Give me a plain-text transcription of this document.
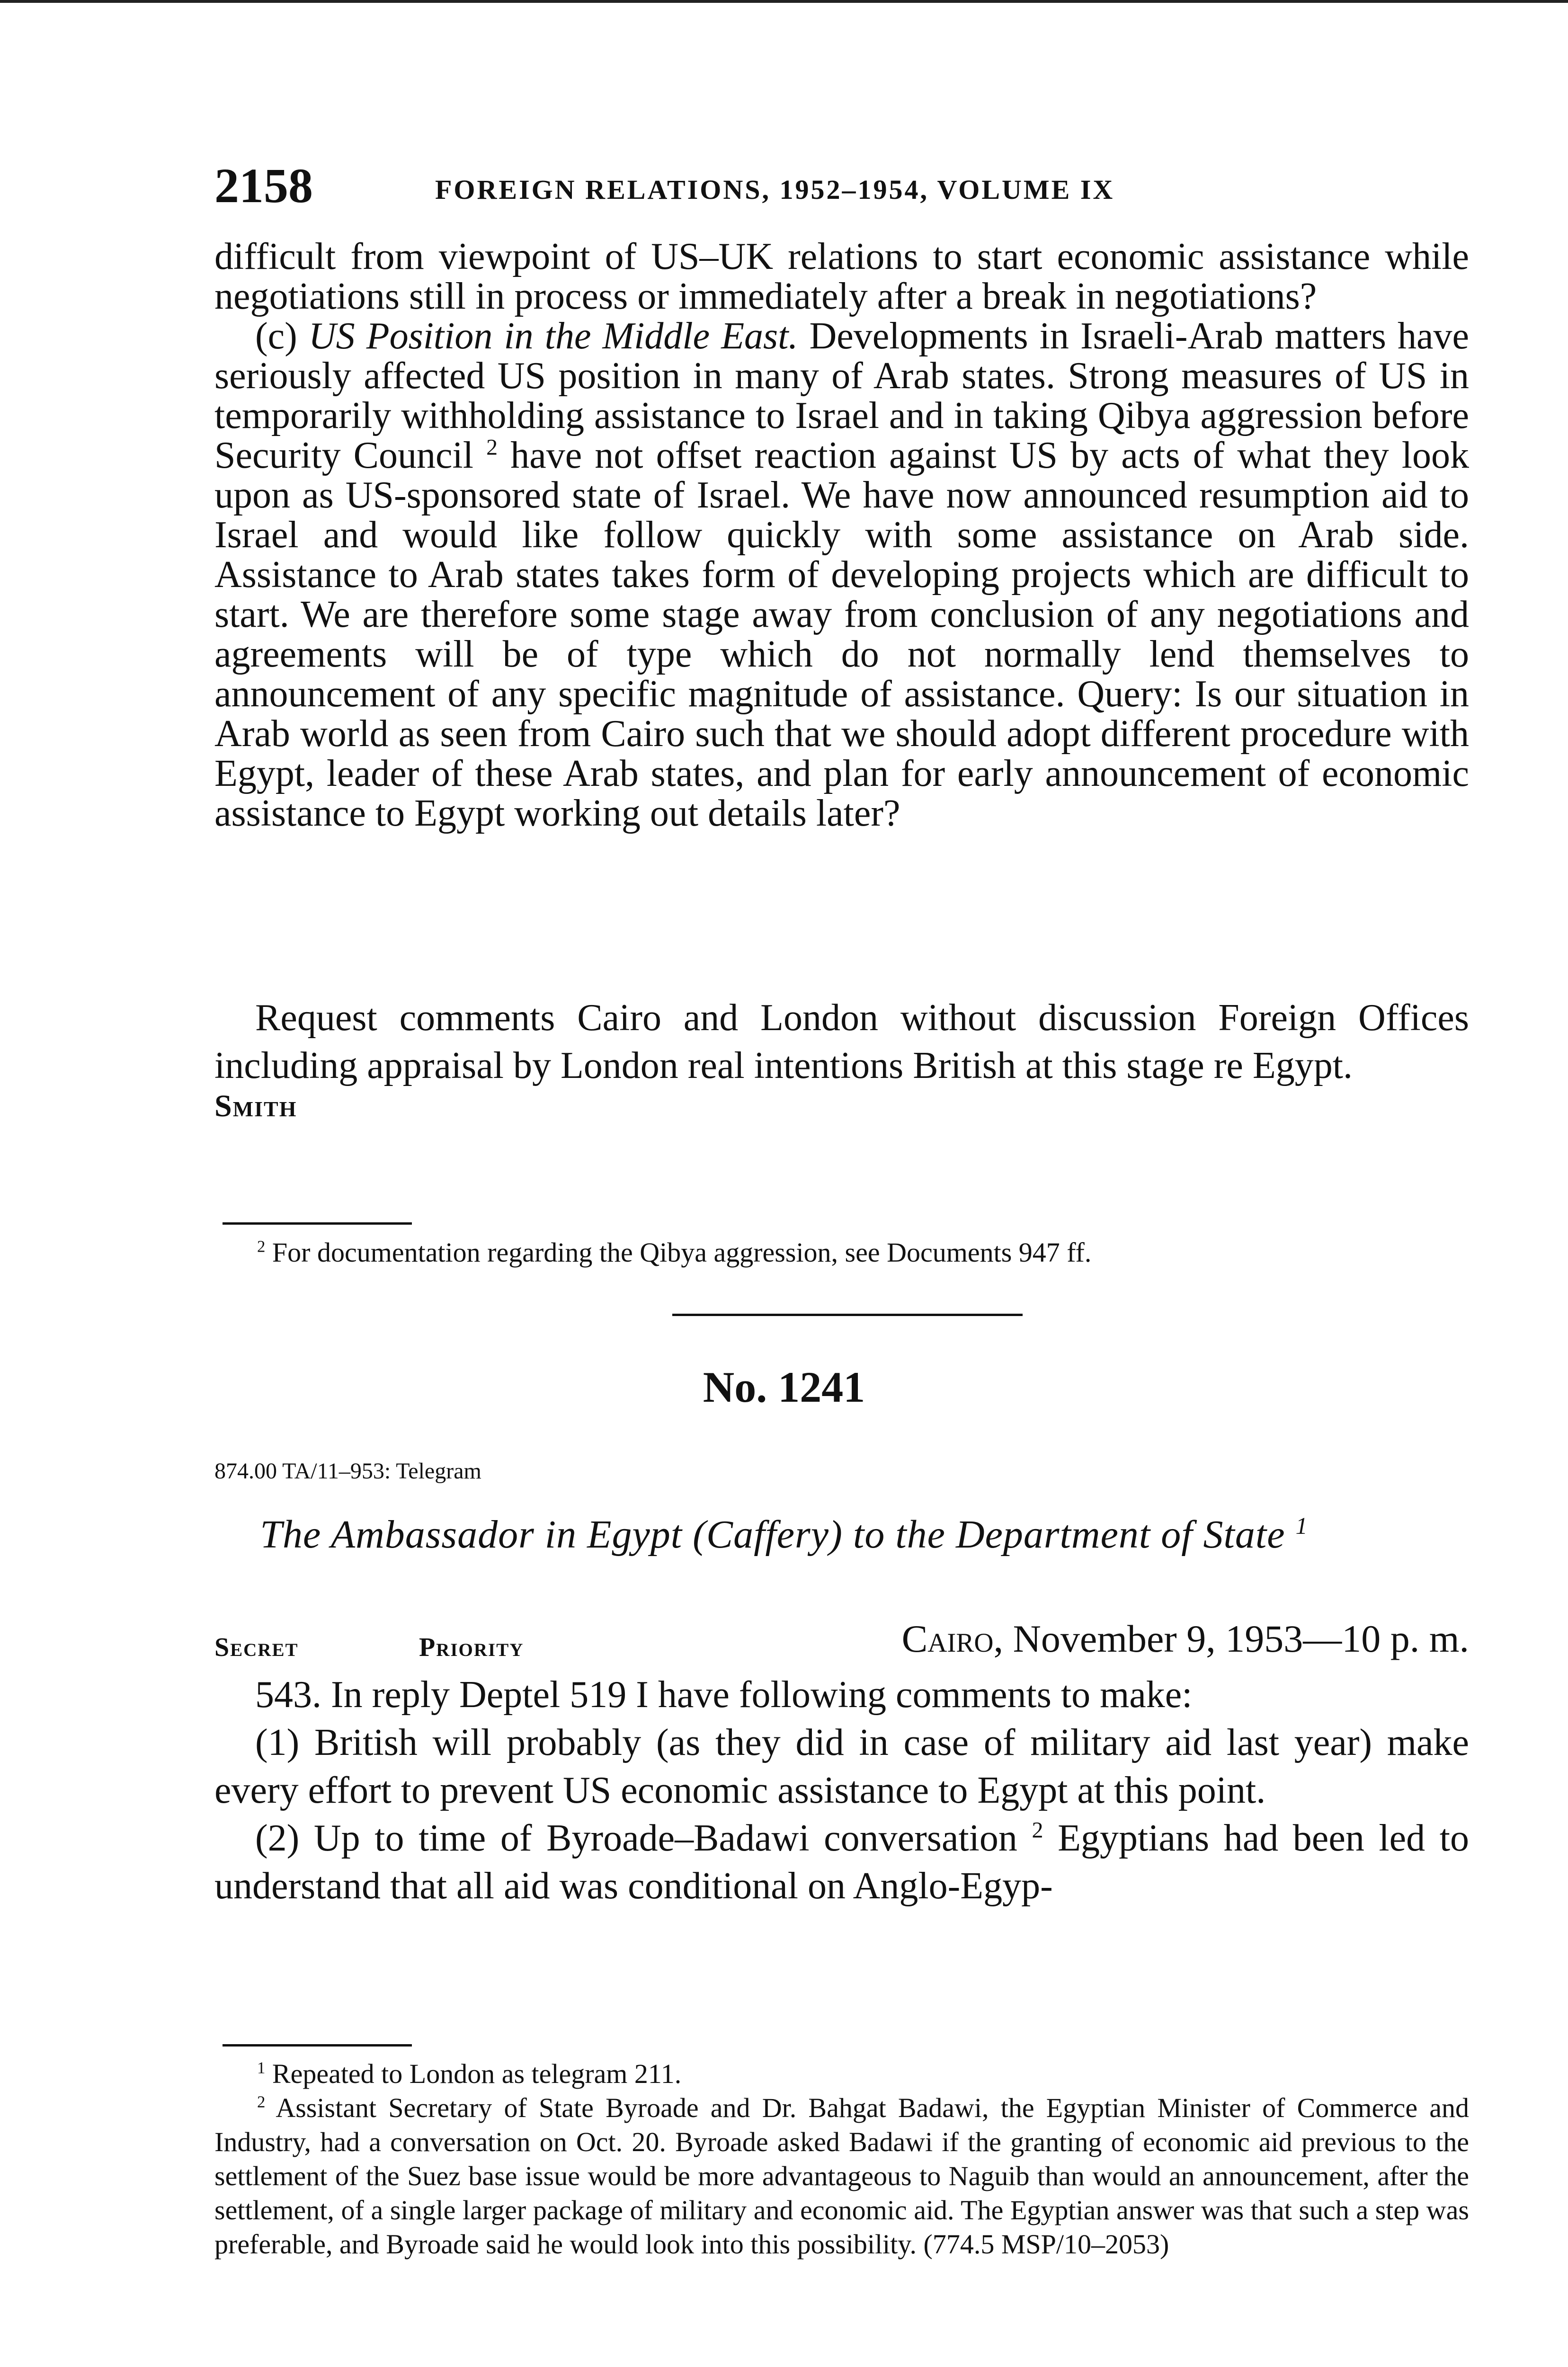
2158	FOREIGN RELATIONS, 1952–1954, VOLUME IX

difficult from viewpoint of US–UK relations to start economic assistance while negotiations still in process or immediately after a break in negotiations?

(c) US Position in the Middle East. Developments in Israeli-Arab matters have seriously affected US position in many of Arab states. Strong measures of US in temporarily withholding assistance to Israel and in taking Qibya aggression before Security Council $^2$ have not offset reaction against US by acts of what they look upon as US-sponsored state of Israel. We have now announced resumption aid to Israel and would like follow quickly with some assistance on Arab side. Assistance to Arab states takes form of developing projects which are difficult to start. We are therefore some stage away from conclusion of any negotiations and agreements will be of type which do not normally lend themselves to announcement of any specific magnitude of assistance. Query: Is our situation in Arab world as seen from Cairo such that we should adopt different procedure with Egypt, leader of these Arab states, and plan for early announcement of economic assistance to Egypt working out details later?

Request comments Cairo and London without discussion Foreign Offices including appraisal by London real intentions British at this stage re Egypt.

Smith

$^2$ For documentation regarding the Qibya aggression, see Documents 947 ff.

No. 1241
874.00 TA/11–953: Telegram
The Ambassador in Egypt (Caffery) to the Department of State $^1$
Secret	Priority	Cairo, November 9, 1953—10 p. m.

543. In reply Deptel 519 I have following comments to make:

(1) British will probably (as they did in case of military aid last year) make every effort to prevent US economic assistance to Egypt at this point.

(2) Up to time of Byroade–Badawi conversation $^2$ Egyptians had been led to understand that all aid was conditional on Anglo-Egyp-

$^1$ Repeated to London as telegram 211.

$^2$ Assistant Secretary of State Byroade and Dr. Bahgat Badawi, the Egyptian Minister of Commerce and Industry, had a conversation on Oct. 20. Byroade asked Badawi if the granting of economic aid previous to the settlement of the Suez base issue would be more advantageous to Naguib than would an announcement, after the settlement, of a single larger package of military and economic aid. The Egyptian answer was that such a step was preferable, and Byroade said he would look into this possibility. (774.5 MSP/10–2053)
